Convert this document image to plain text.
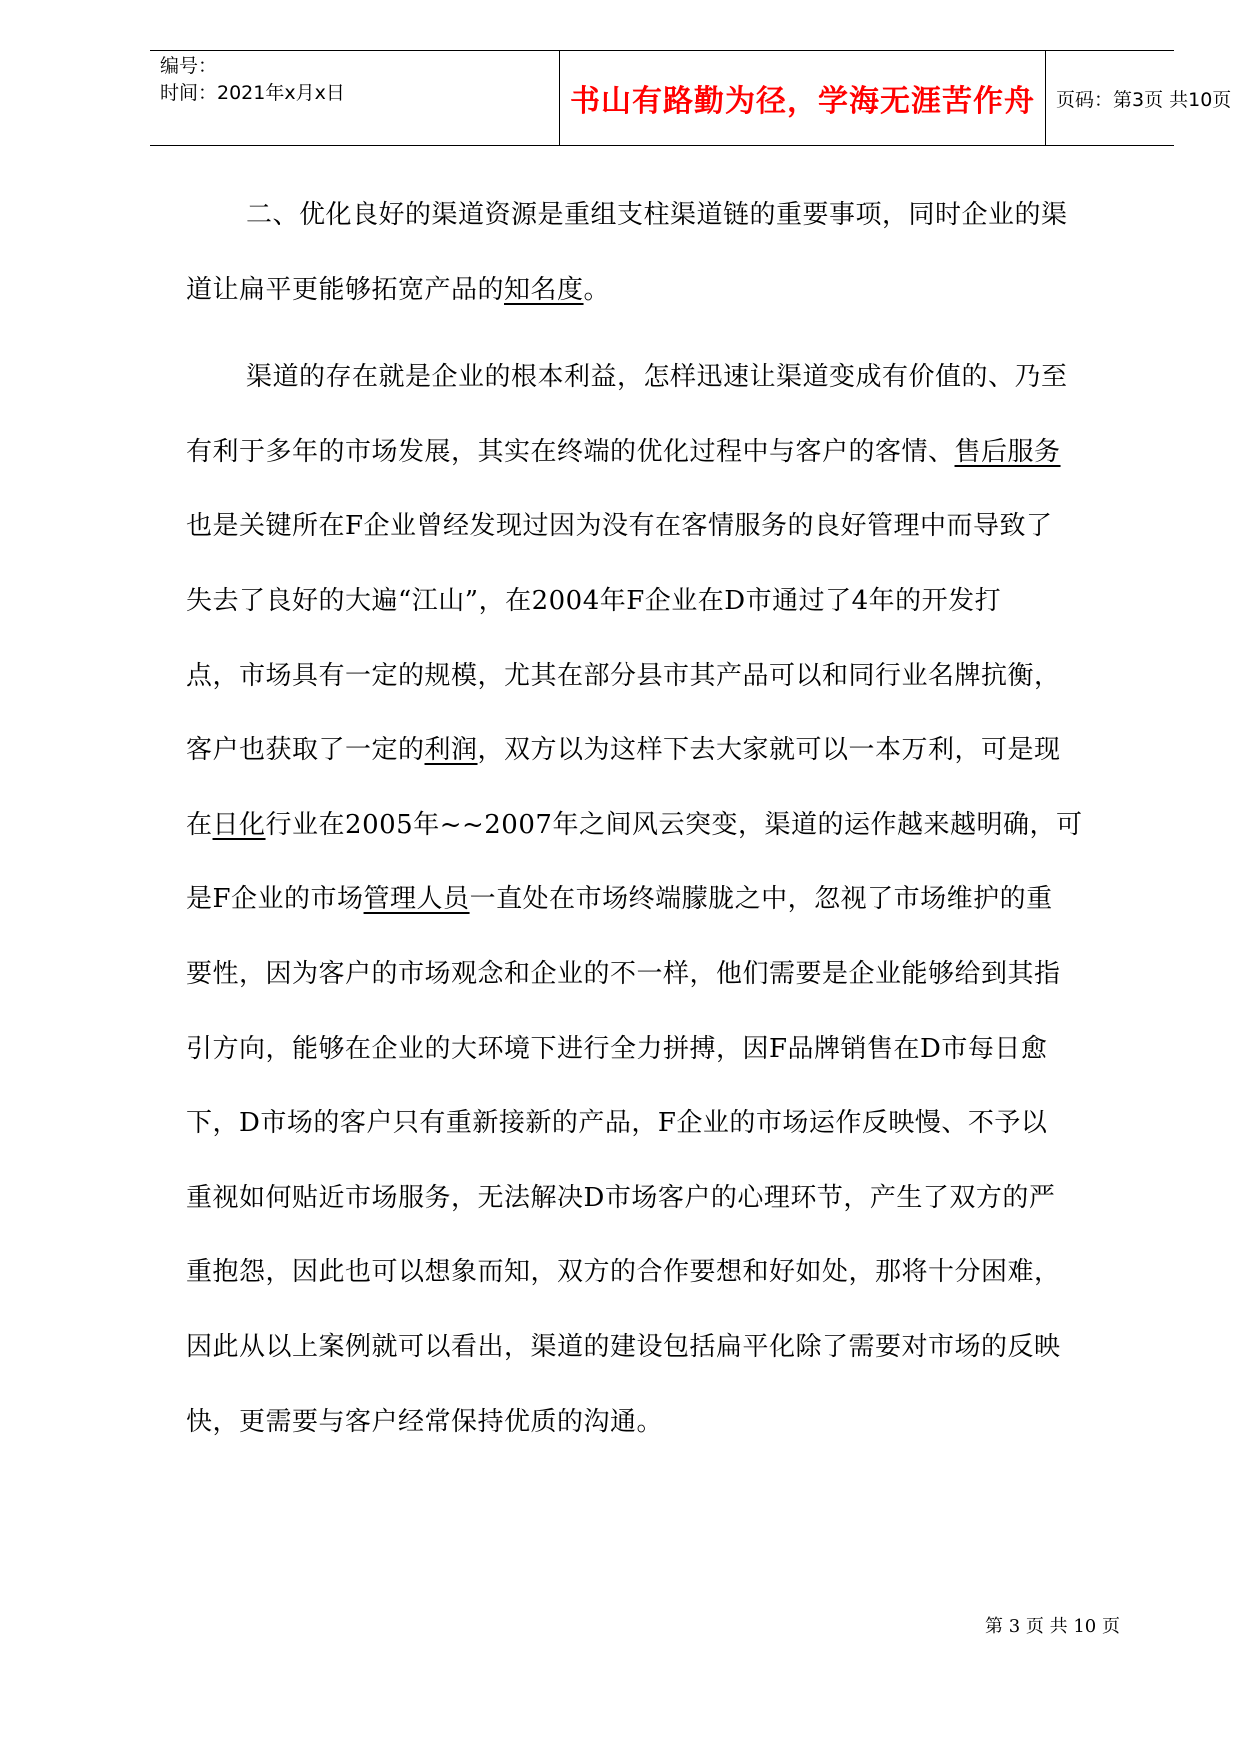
编号：
时间：2021年x月x日	书山有路勤为径，学海无涯苦作舟	页码：第3页 共10页

二、优化良好的渠道资源是重组支柱渠道链的重要事项，同时企业的渠
道让扁平更能够拓宽产品的知名度。

渠道的存在就是企业的根本利益，怎样迅速让渠道变成有价值的、乃至
有利于多年的市场发展，其实在终端的优化过程中与客户的客情、售后服务
也是关键所在F企业曾经发现过因为没有在客情服务的良好管理中而导致了
失去了良好的大遍“江山”，在2004年F企业在D市通过了4年的开发打
点，市场具有一定的规模，尤其在部分县市其产品可以和同行业名牌抗衡，
客户也获取了一定的利润，双方以为这样下去大家就可以一本万利，可是现
在日化行业在2005年~~2007年之间风云突变，渠道的运作越来越明确，可
是F企业的市场管理人员一直处在市场终端朦胧之中，忽视了市场维护的重
要性，因为客户的市场观念和企业的不一样，他们需要是企业能够给到其指
引方向，能够在企业的大环境下进行全力拼搏，因F品牌销售在D市每日愈
下，D市场的客户只有重新接新的产品，F企业的市场运作反映慢、不予以
重视如何贴近市场服务，无法解决D市场客户的心理环节，产生了双方的严
重抱怨，因此也可以想象而知，双方的合作要想和好如处，那将十分困难，
因此从以上案例就可以看出，渠道的建设包括扁平化除了需要对市场的反映
快，更需要与客户经常保持优质的沟通。

第 3 页 共 10 页
